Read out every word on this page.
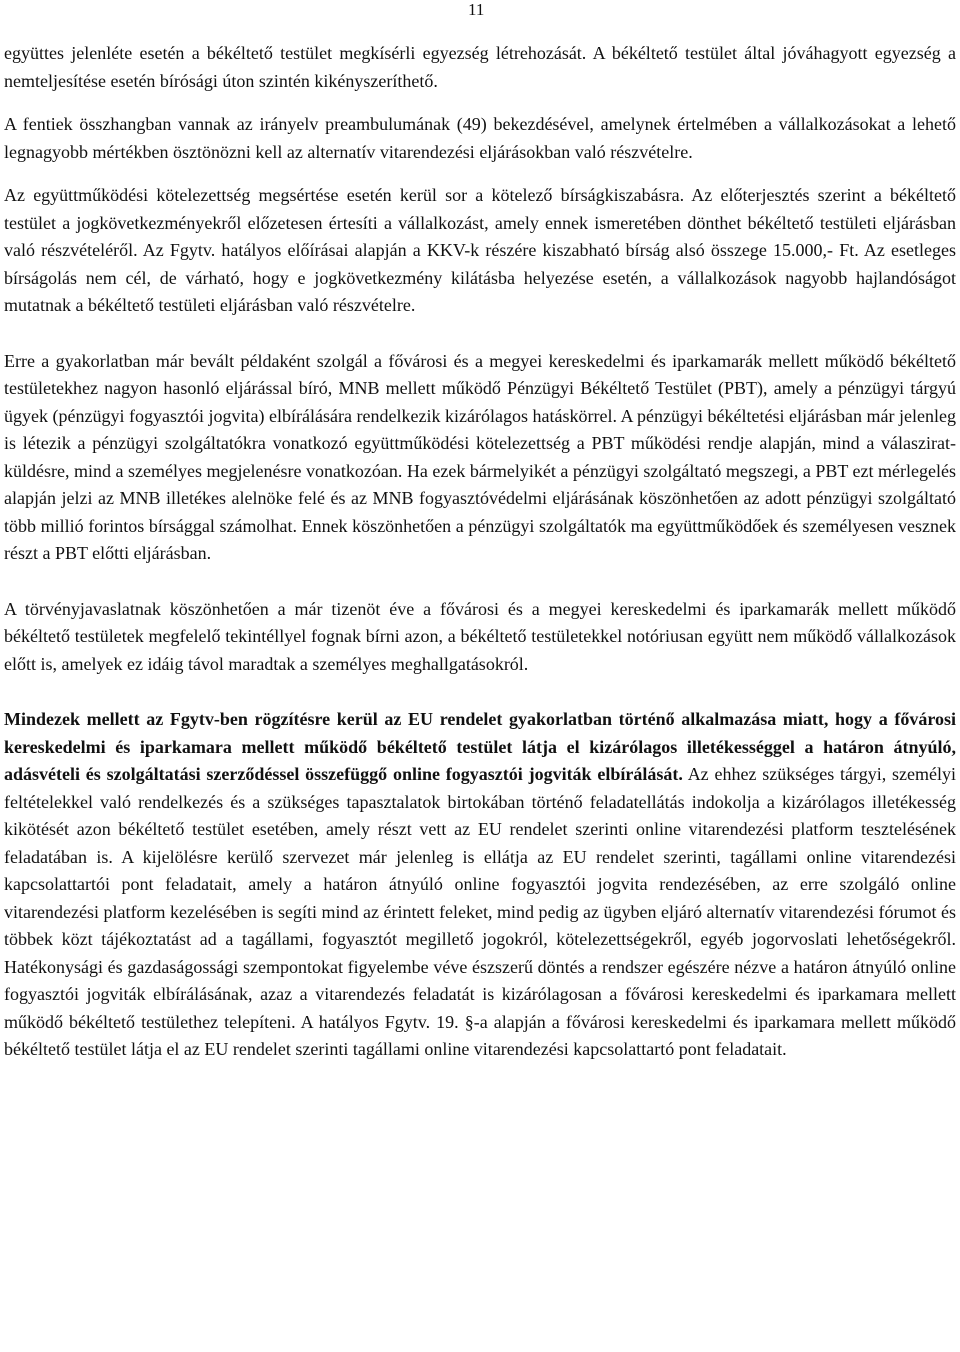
11

együttes jelenléte esetén a békéltető testület megkísérli egyezség létrehozását. A békéltető testület által jóváhagyott egyezség a nemteljesítése esetén bírósági úton szintén kikényszeríthető.

A fentiek összhangban vannak az irányelv preambulumának (49) bekezdésével, amelynek értelmében a vállalkozásokat a lehető legnagyobb mértékben ösztönözni kell az alternatív vitarendezési eljárásokban való részvételre.

Az együttműködési kötelezettség megsértése esetén kerül sor a kötelező bírságkiszabásra. Az előterjesztés szerint a békéltető testület a jogkövetkezményekről előzetesen értesíti a vállalkozást, amely ennek ismeretében dönthet békéltető testületi eljárásban való részvételéről. Az Fgytv. hatályos előírásai alapján a KKV-k részére kiszabható bírság alsó összege 15.000,- Ft. Az esetleges bírságolás nem cél, de várható, hogy e jogkövetkezmény kilátásba helyezése esetén, a vállalkozások nagyobb hajlandóságot mutatnak a békéltető testületi eljárásban való részvételre.

Erre a gyakorlatban már bevált példaként szolgál a fővárosi és a megyei kereskedelmi és iparkamarák mellett működő békéltető testületekhez nagyon hasonló eljárással bíró, MNB mellett működő Pénzügyi Békéltető Testület (PBT), amely a pénzügyi tárgyú ügyek (pénzügyi fogyasztói jogvita) elbírálására rendelkezik kizárólagos hatáskörrel. A pénzügyi békéltetési eljárásban már jelenleg is létezik a pénzügyi szolgáltatókra vonatkozó együttműködési kötelezettség a PBT működési rendje alapján, mind a válaszirat-küldésre, mind a személyes megjelenésre vonatkozóan. Ha ezek bármelyikét a pénzügyi szolgáltató megszegi, a PBT ezt mérlegelés alapján jelzi az MNB illetékes alelnöke felé és az MNB fogyasztóvédelmi eljárásának köszönhetően az adott pénzügyi szolgáltató több millió forintos bírsággal számolhat. Ennek köszönhetően a pénzügyi szolgáltatók ma együttműködőek és személyesen vesznek részt a PBT előtti eljárásban.

A törvényjavaslatnak köszönhetően a már tizenöt éve a fővárosi és a megyei kereskedelmi és iparkamarák mellett működő békéltető testületek megfelelő tekintéllyel fognak bírni azon, a békéltető testületekkel notóriusan együtt nem működő vállalkozások előtt is, amelyek ez idáig távol maradtak a személyes meghallgatásokról.

Mindezek mellett az Fgytv-ben rögzítésre kerül az EU rendelet gyakorlatban történő alkalmazása miatt, hogy a fővárosi kereskedelmi és iparkamara mellett működő békéltető testület látja el kizárólagos illetékességgel a határon átnyúló, adásvételi és szolgáltatási szerződéssel összefüggő online fogyasztói jogviták elbírálását. Az ehhez szükséges tárgyi, személyi feltételekkel való rendelkezés és a szükséges tapasztalatok birtokában történő feladatellátás indokolja a kizárólagos illetékesség kikötését azon békéltető testület esetében, amely részt vett az EU rendelet szerinti online vitarendezési platform tesztelésének feladatában is. A kijelölésre kerülő szervezet már jelenleg is ellátja az EU rendelet szerinti, tagállami online vitarendezési kapcsolattartói pont feladatait, amely a határon átnyúló online fogyasztói jogvita rendezésében, az erre szolgáló online vitarendezési platform kezelésében is segíti mind az érintett feleket, mind pedig az ügyben eljáró alternatív vitarendezési fórumot és többek közt tájékoztatást ad a tagállami, fogyasztót megillető jogokról, kötelezettségekről, egyéb jogorvoslati lehetőségekről. Hatékonysági és gazdaságossági szempontokat figyelembe véve észszerű döntés a rendszer egészére nézve a határon átnyúló online fogyasztói jogviták elbírálásának, azaz a vitarendezés feladatát is kizárólagosan a fővárosi kereskedelmi és iparkamara mellett működő békéltető testülethez telepíteni. A hatályos Fgytv. 19. §-a alapján a fővárosi kereskedelmi és iparkamara mellett működő békéltető testület látja el az EU rendelet szerinti tagállami online vitarendezési kapcsolattartó pont feladatait.
